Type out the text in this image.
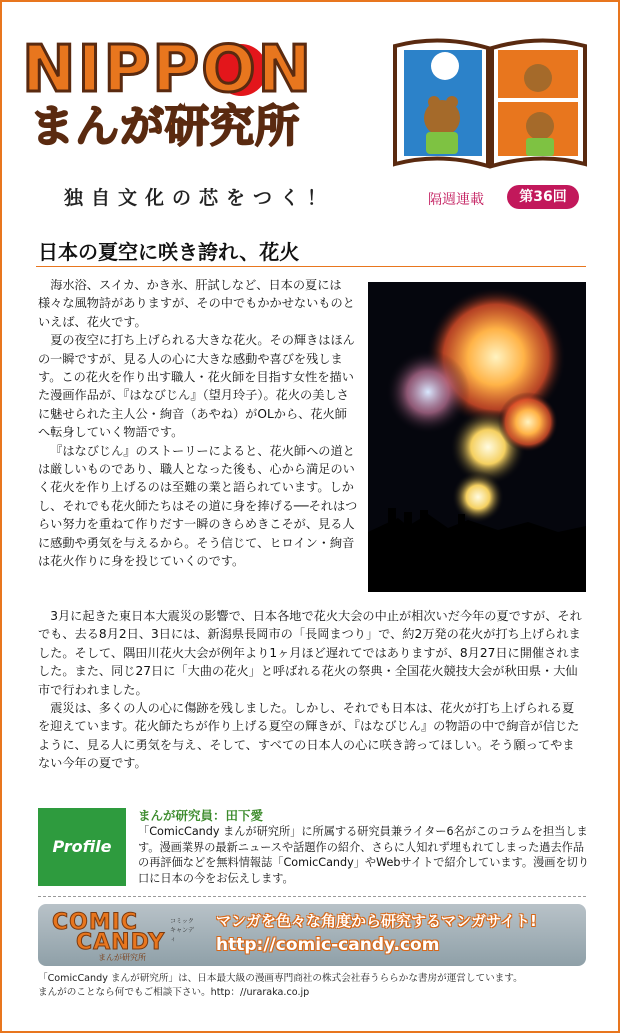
NIPPON
まんが研究所
独自文化の芯をつく！	隔週連載	第36回
日本の夏空に咲き誇れ、花火

海水浴、スイカ、かき氷、肝試しなど、日本の夏には様々な風物詩がありますが、その中でもかかせないものといえば、花火です。

夏の夜空に打ち上げられる大きな花火。その輝きはほんの一瞬ですが、見る人の心に大きな感動や喜びを残します。この花火を作り出す職人・花火師を目指す女性を描いた漫画作品が、『はなびじん』（望月玲子）。花火の美しさに魅せられた主人公・絢音（あやね）がOLから、花火師へ転身していく物語です。

『はなびじん』のストーリーによると、花火師への道とは厳しいものであり、職人となった後も、心から満足のいく花火を作り上げるのは至難の業と語られています。しかし、それでも花火師たちはその道に身を捧げる──それはつらい努力を重ねて作りだす一瞬のきらめきこそが、見る人に感動や勇気を与えるから。そう信じて、ヒロイン・絢音は花火作りに身を投じていくのです。

3月に起きた東日本大震災の影響で、日本各地で花火大会の中止が相次いだ今年の夏ですが、それでも、去る8月2日、3日には、新潟県長岡市の「長岡まつり」で、約2万発の花火が打ち上げられました。そして、隅田川花火大会が例年より1ヶ月ほど遅れてではありますが、8月27日に開催されました。また、同じ27日に「大曲の花火」と呼ばれる花火の祭典・全国花火競技大会が秋田県・大仙市で行われました。

震災は、多くの人の心に傷跡を残しました。しかし、それでも日本は、花火が打ち上げられる夏を迎えています。花火師たちが作り上げる夏空の輝きが、『はなびじん』の物語の中で絢音が信じたように、見る人に勇気を与え、そして、すべての日本人の心に咲き誇ってほしい。そう願ってやまない今年の夏です。

Profile
まんが研究員：田下愛
「ComicCandy まんが研究所」に所属する研究員兼ライター6名がこのコラムを担当します。漫画業界の最新ニュースや話題作の紹介、さらに人知れず埋もれてしまった過去作品の再評価などを無料情報誌「ComicCandy」やWebサイトで紹介しています。漫画を切り口に日本の今をお伝えします。
COMIC	コミックキャンディ
CANDY
まんが研究所
マンガを色々な角度から研究するマンガサイト!
http://comic-candy.com
「ComicCandy まんが研究所」は、日本最大級の漫画専門商社の株式会社春うららかな書房が運営しています。
まんがのことなら何でもご相談下さい。http：//uraraka.co.jp
